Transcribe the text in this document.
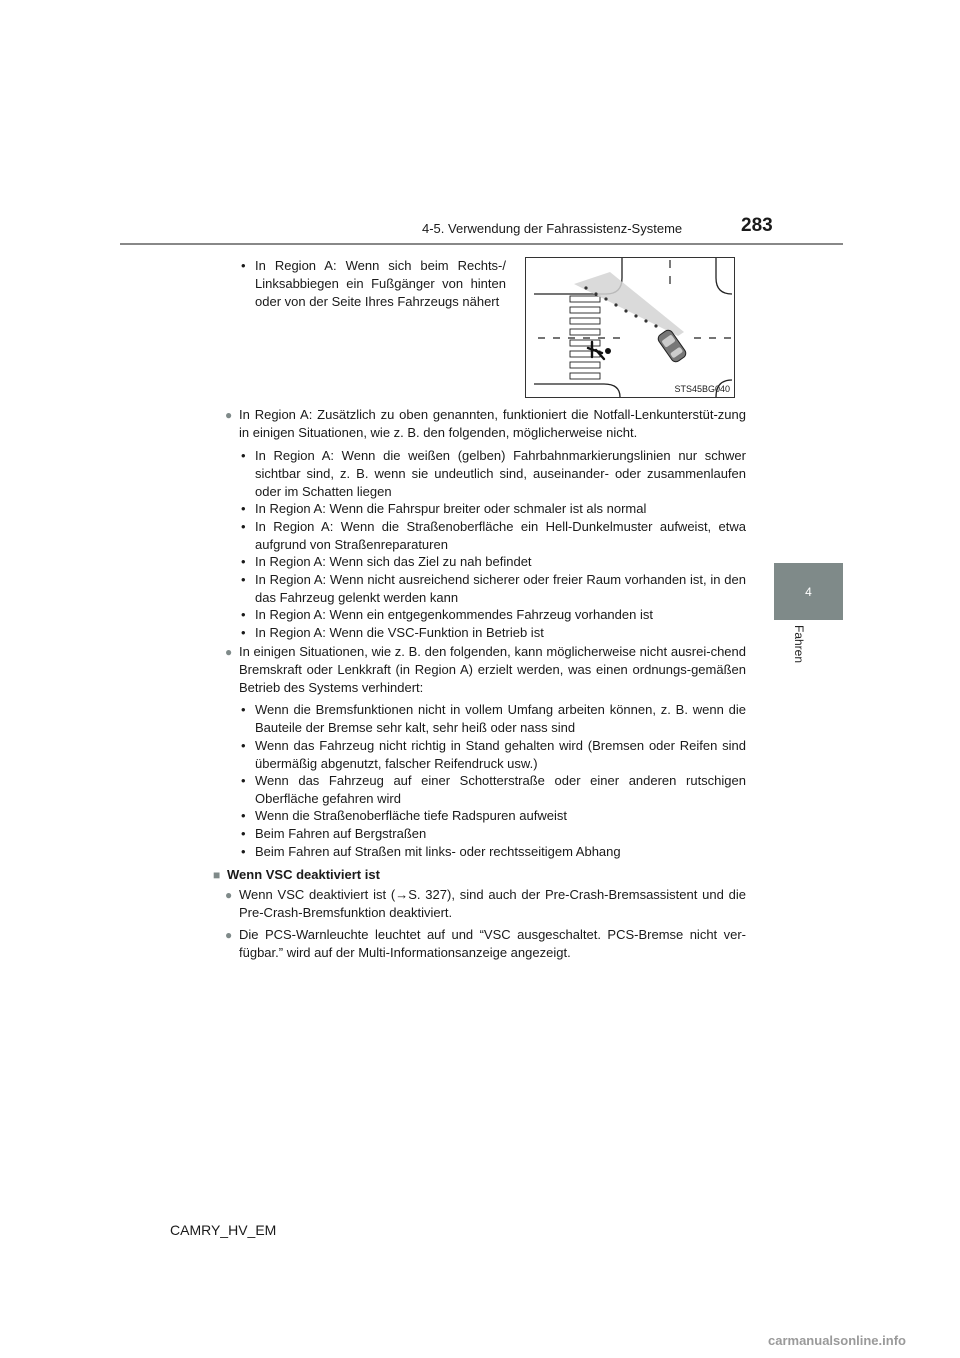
4-5. Verwendung der Fahrassistenz-Systeme	283
4
Fahren
• In Region A: Wenn sich beim Rechts-/ Linksabbiegen ein Fußgänger von hinten oder von der Seite Ihres Fahrzeugs nähert
STS45BG040
● In Region A: Zusätzlich zu oben genannten, funktioniert die Notfall-Lenkunterstüt-zung in einigen Situationen, wie z. B. den folgenden, möglicherweise nicht.
• In Region A: Wenn die weißen (gelben) Fahrbahnmarkierungslinien nur schwer sichtbar sind, z. B. wenn sie undeutlich sind, auseinander- oder zusammenlaufen oder im Schatten liegen
• In Region A: Wenn die Fahrspur breiter oder schmaler ist als normal
• In Region A: Wenn die Straßenoberfläche ein Hell-Dunkelmuster aufweist, etwa aufgrund von Straßenreparaturen
• In Region A: Wenn sich das Ziel zu nah befindet
• In Region A: Wenn nicht ausreichend sicherer oder freier Raum vorhanden ist, in den das Fahrzeug gelenkt werden kann
• In Region A: Wenn ein entgegenkommendes Fahrzeug vorhanden ist
• In Region A: Wenn die VSC-Funktion in Betrieb ist
● In einigen Situationen, wie z. B. den folgenden, kann möglicherweise nicht ausrei-chend Bremskraft oder Lenkkraft (in Region A) erzielt werden, was einen ordnungs-gemäßen Betrieb des Systems verhindert:
• Wenn die Bremsfunktionen nicht in vollem Umfang arbeiten können, z. B. wenn die Bauteile der Bremse sehr kalt, sehr heiß oder nass sind
• Wenn das Fahrzeug nicht richtig in Stand gehalten wird (Bremsen oder Reifen sind übermäßig abgenutzt, falscher Reifendruck usw.)
• Wenn das Fahrzeug auf einer Schotterstraße oder einer anderen rutschigen Oberfläche gefahren wird
• Wenn die Straßenoberfläche tiefe Radspuren aufweist
• Beim Fahren auf Bergstraßen
• Beim Fahren auf Straßen mit links- oder rechtsseitigem Abhang
■ Wenn VSC deaktiviert ist
● Wenn VSC deaktiviert ist (→S. 327), sind auch der Pre-Crash-Bremsassistent und die Pre-Crash-Bremsfunktion deaktiviert.
● Die PCS-Warnleuchte leuchtet auf und “VSC ausgeschaltet. PCS-Bremse nicht ver-fügbar.” wird auf der Multi-Informationsanzeige angezeigt.
CAMRY_HV_EM
carmanualsonline.info
